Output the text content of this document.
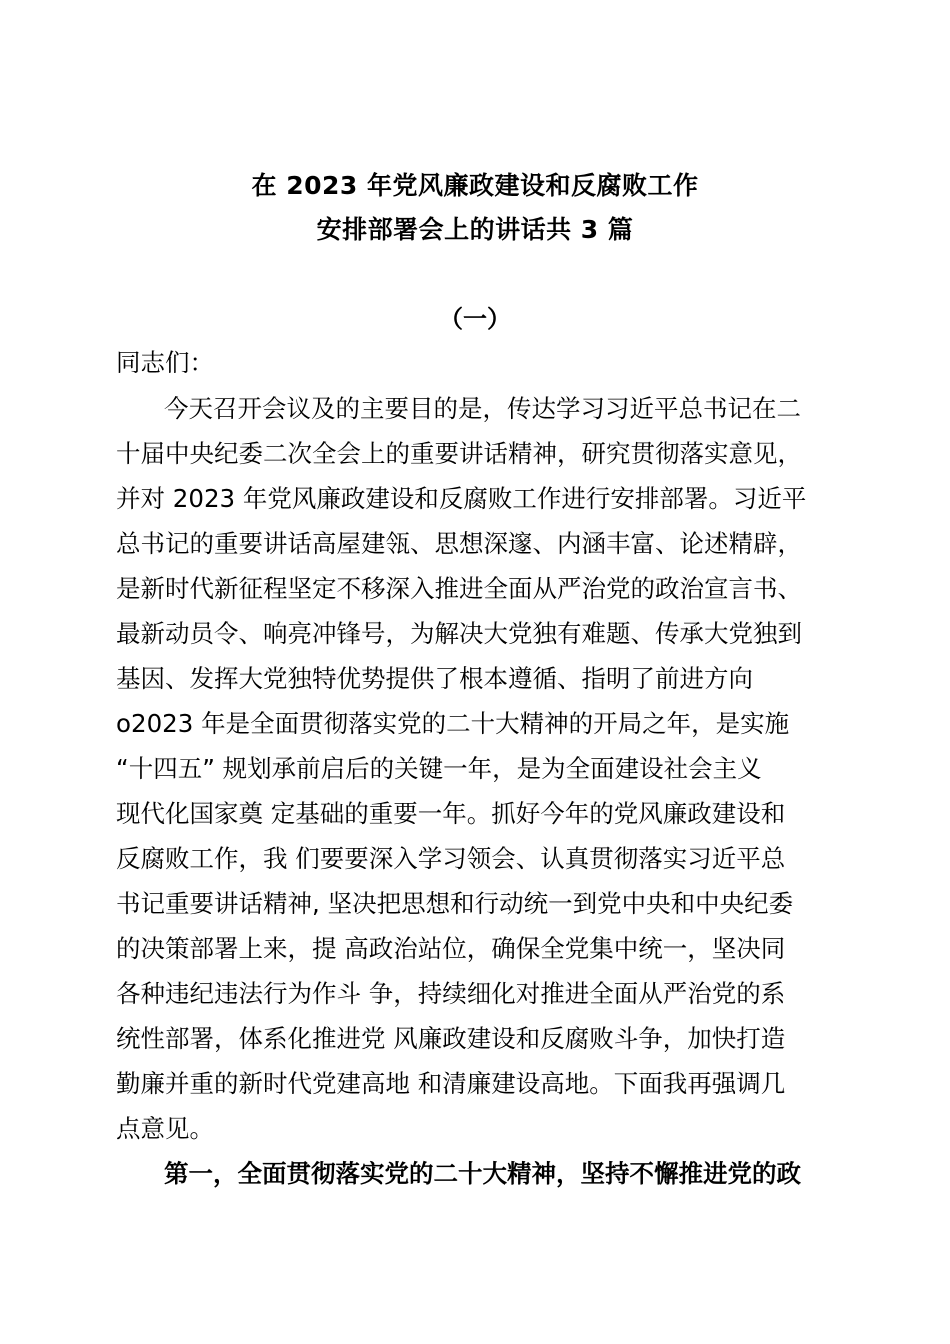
在 2023 年党风廉政建设和反腐败工作
安排部署会上的讲话共 3 篇
（一）
同志们：
今天召开会议及的主要目的是，传达学习习近平总书记在二
十届中央纪委二次全会上的重要讲话精神，研究贯彻落实意见，
并对 2023 年党风廉政建设和反腐败工作进行安排部署。习近平
总书记的重要讲话高屋建瓴、思想深邃、内涵丰富、论述精辟，
是新时代新征程坚定不移深入推进全面从严治党的政治宣言书、
最新动员令、响亮冲锋号，为解决大党独有难题、传承大党独到
基因、发挥大党独特优势提供了根本遵循、指明了前进方向
o2023 年是全面贯彻落实党的二十大精神的开局之年，是实施
“十四五” 规划承前启后的关键一年，是为全面建设社会主义
现代化国家奠 定基础的重要一年。抓好今年的党风廉政建设和
反腐败工作，我 们要要深入学习领会、认真贯彻落实习近平总
书记重要讲话精神, 坚决把思想和行动统一到党中央和中央纪委
的决策部署上来，提 高政治站位，确保全党集中统一，坚决同
各种违纪违法行为作斗 争，持续细化对推进全面从严治党的系
统性部署，体系化推进党 风廉政建设和反腐败斗争，加快打造
勤廉并重的新时代党建高地 和清廉建设高地。下面我再强调几
点意见。
第一，全面贯彻落实党的二十大精神，坚持不懈推进党的政
